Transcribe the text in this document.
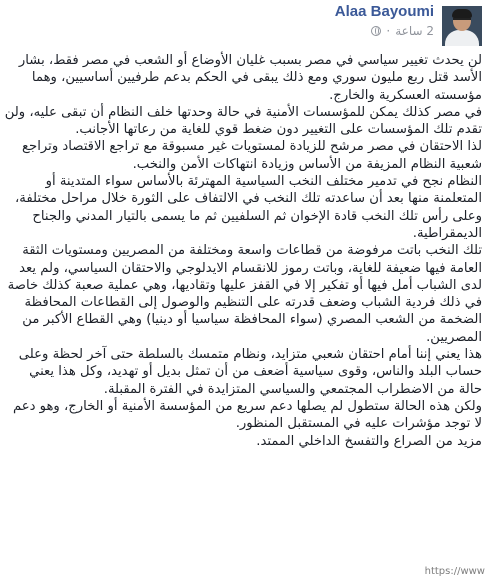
Alaa Bayoumi
2 ساعة
·

لن يحدث تغيير سياسي في مصر بسبب غليان الأوضاع أو الشعب في مصر فقط، بشار الأسد قتل ربع مليون سوري ومع ذلك يبقى في الحكم بدعم طرفيين أساسيين، وهما مؤسسته العسكرية والخارج.

في مصر كذلك يمكن للمؤسسات الأمنية في حالة وحدتها خلف النظام أن تبقى عليه، ولن تقدم تلك المؤسسات على التغيير دون ضغط قوي للغاية من رعاتها الأجانب.

لذا الاحتقان في مصر مرشح للزيادة لمستويات غير مسبوقة مع تراجع الاقتصاد وتراجع شعبية النظام المزيفة من الأساس وزيادة انتهاكات الأمن والنخب.

النظام نجح في تدمير مختلف النخب السياسية المهترئة بالأساس سواء المتدينة أو المتعلمنة منها بعد أن ساعدته تلك النخب في الالتفاف على الثورة خلال مراحل مختلفة، وعلى رأس تلك النخب قادة الإخوان ثم السلفيين ثم ما يسمى بالتيار المدني والجناح الديمقراطية.

تلك النخب باتت مرفوضة من قطاعات واسعة ومختلفة من المصريين ومستويات الثقة العامة فيها ضعيفة للغاية، وباتت رموز للانقسام الايدلوجي والاحتقان السياسي، ولم يعد لدى الشباب أمل فيها أو تفكير إلا في القفز عليها وتقاديها، وهي عملية صعبة كذلك خاصة في ذلك فردية الشباب وضعف قدرته على التنظيم والوصول إلى القطاعات المحافظة الضخمة من الشعب المصري (سواء المحافظة سياسيا أو دينيا) وهي القطاع الأكبر من المصريين.

هذا يعني إننا أمام احتقان شعبي متزايد، ونظام متمسك بالسلطة حتى آخر لحظة وعلى حساب البلد والناس، وقوى سياسية أضعف من أن تمثل بديل أو تهديد، وكل هذا يعني حالة من الاضطراب المجتمعي والسياسي المتزايدة في الفترة المقبلة.

ولكن هذه الحالة ستطول لم يصلها دعم سريع من المؤسسة الأمنية أو الخارج، وهو دعم لا توجد مؤشرات عليه في المستقبل المنظور.

مزيد من الصراع والتفسخ الداخلي الممتد.

https://www
